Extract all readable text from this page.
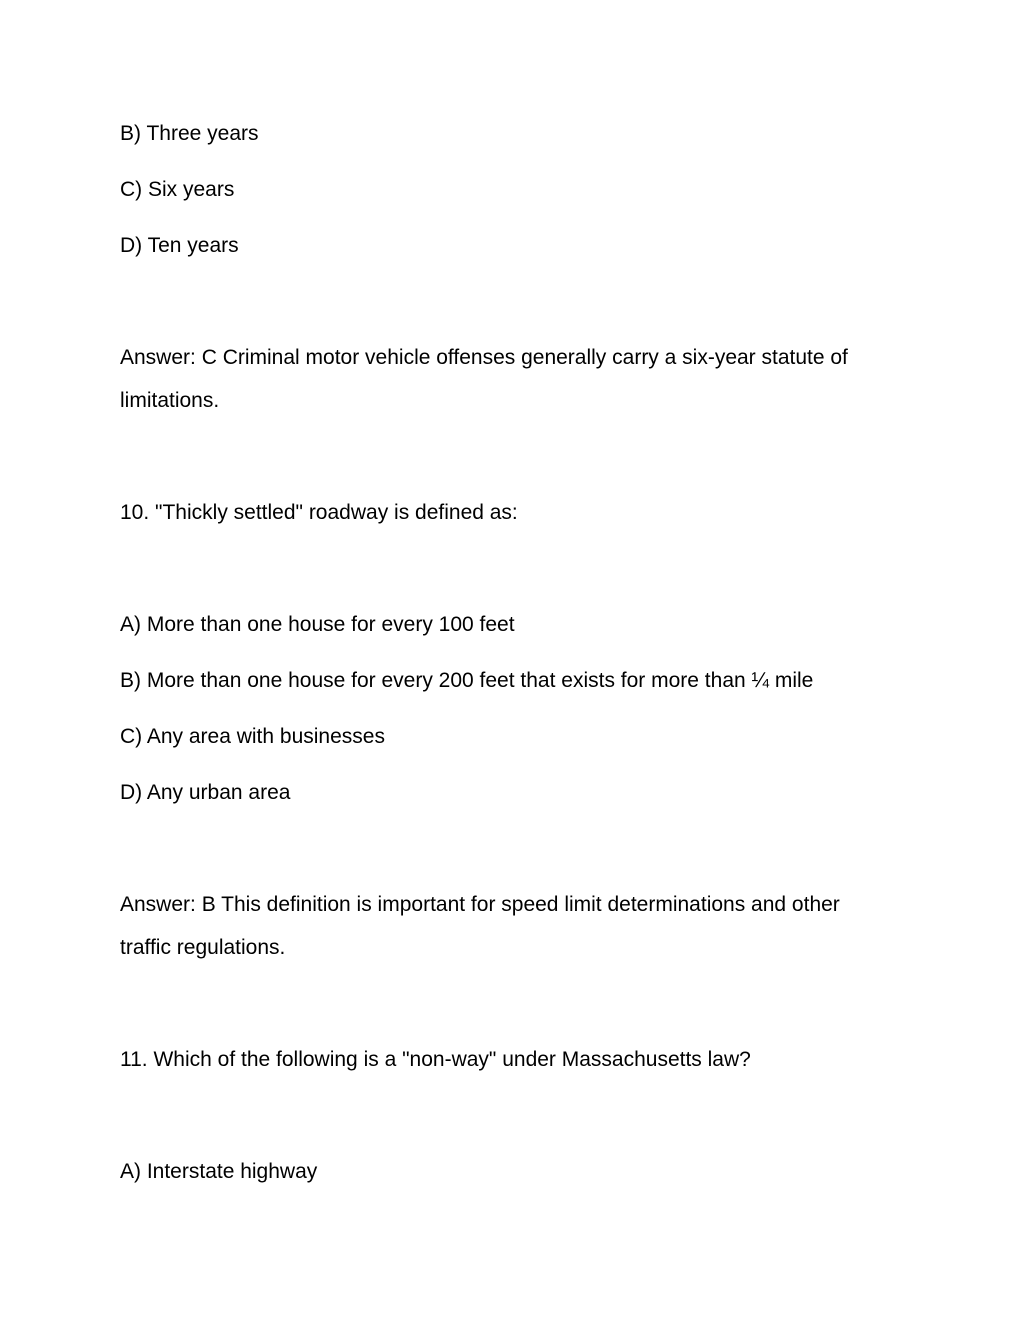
B) Three years

C) Six years

D) Ten years

Answer: C Criminal motor vehicle offenses generally carry a six-year statute of

limitations.

10. "Thickly settled" roadway is defined as:

A) More than one house for every 100 feet

B) More than one house for every 200 feet that exists for more than ¼ mile

C) Any area with businesses

D) Any urban area

Answer: B This definition is important for speed limit determinations and other

traffic regulations.

11. Which of the following is a "non-way" under Massachusetts law?

A) Interstate highway
